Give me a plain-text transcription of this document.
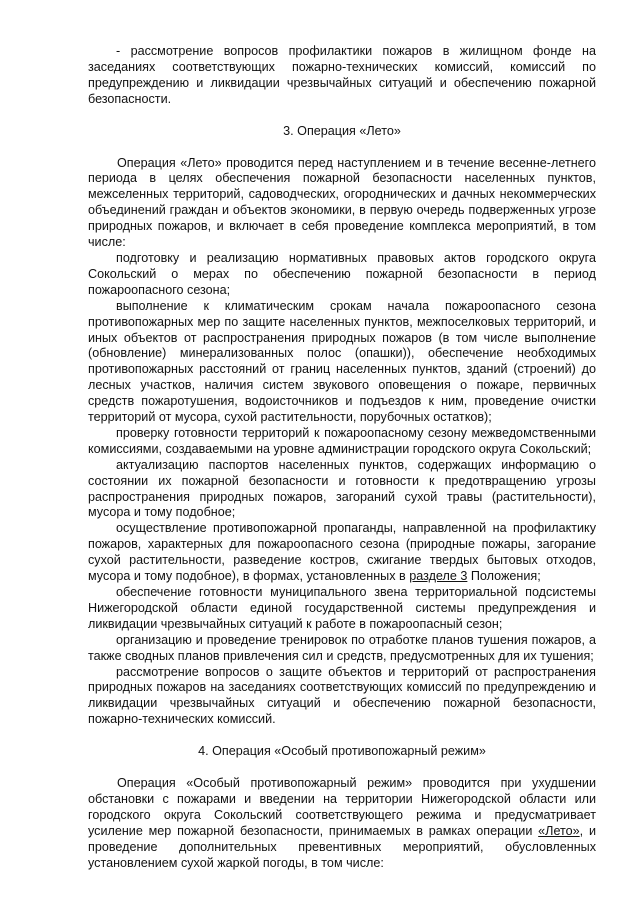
- рассмотрение вопросов профилактики пожаров в жилищном фонде на заседаниях соответствующих пожарно-технических комиссий, комиссий по предупреждению и ликвидации чрезвычайных ситуаций и обеспечению пожарной безопасности.

3. Операция «Лето»

Операция «Лето» проводится перед наступлением и в течение весенне-летнего периода в целях обеспечения пожарной безопасности населенных пунктов, межселенных территорий, садоводческих, огороднических и дачных некоммерческих объединений граждан и объектов экономики, в первую очередь подверженных угрозе природных пожаров, и включает в себя проведение комплекса мероприятий, в том числе:

подготовку и реализацию нормативных правовых актов городского округа Сокольский о мерах по обеспечению пожарной безопасности в период пожароопасного сезона;

выполнение к климатическим срокам начала пожароопасного сезона противопожарных мер по защите населенных пунктов, межпоселковых территорий, и иных объектов от распространения природных пожаров (в том числе выполнение (обновление) минерализованных полос (опашки)), обеспечение необходимых противопожарных расстояний от границ населенных пунктов, зданий (строений) до лесных участков, наличия систем звукового оповещения о пожаре, первичных средств пожаротушения, водоисточников и подъездов к ним, проведение очистки территорий от мусора, сухой растительности, порубочных остатков);

проверку готовности территорий к пожароопасному сезону межведомственными комиссиями, создаваемыми на уровне администрации городского округа Сокольский;

актуализацию паспортов населенных пунктов, содержащих информацию о состоянии их пожарной безопасности и готовности к предотвращению угрозы распространения природных пожаров, загораний сухой травы (растительности), мусора и тому подобное;

осуществление противопожарной пропаганды, направленной на профилактику пожаров, характерных для пожароопасного сезона (природные пожары, загорание сухой растительности, разведение костров, сжигание твердых бытовых отходов, мусора и тому подобное), в формах, установленных в разделе 3 Положения;

обеспечение готовности муниципального звена территориальной подсистемы Нижегородской области единой государственной системы предупреждения и ликвидации чрезвычайных ситуаций к работе в пожароопасный сезон;

организацию и проведение тренировок по отработке планов тушения пожаров, а также сводных планов привлечения сил и средств, предусмотренных для их тушения;

рассмотрение вопросов о защите объектов и территорий от распространения природных пожаров на заседаниях соответствующих комиссий по предупреждению и ликвидации чрезвычайных ситуаций и обеспечению пожарной безопасности, пожарно-технических комиссий.

4. Операция «Особый противопожарный режим»

Операция «Особый противопожарный режим» проводится при ухудшении обстановки с пожарами и введении на территории Нижегородской области или городского округа Сокольский соответствующего режима и предусматривает усиление мер пожарной безопасности, принимаемых в рамках операции «Лето», и проведение дополнительных превентивных мероприятий, обусловленных установлением сухой жаркой погоды, в том числе:
